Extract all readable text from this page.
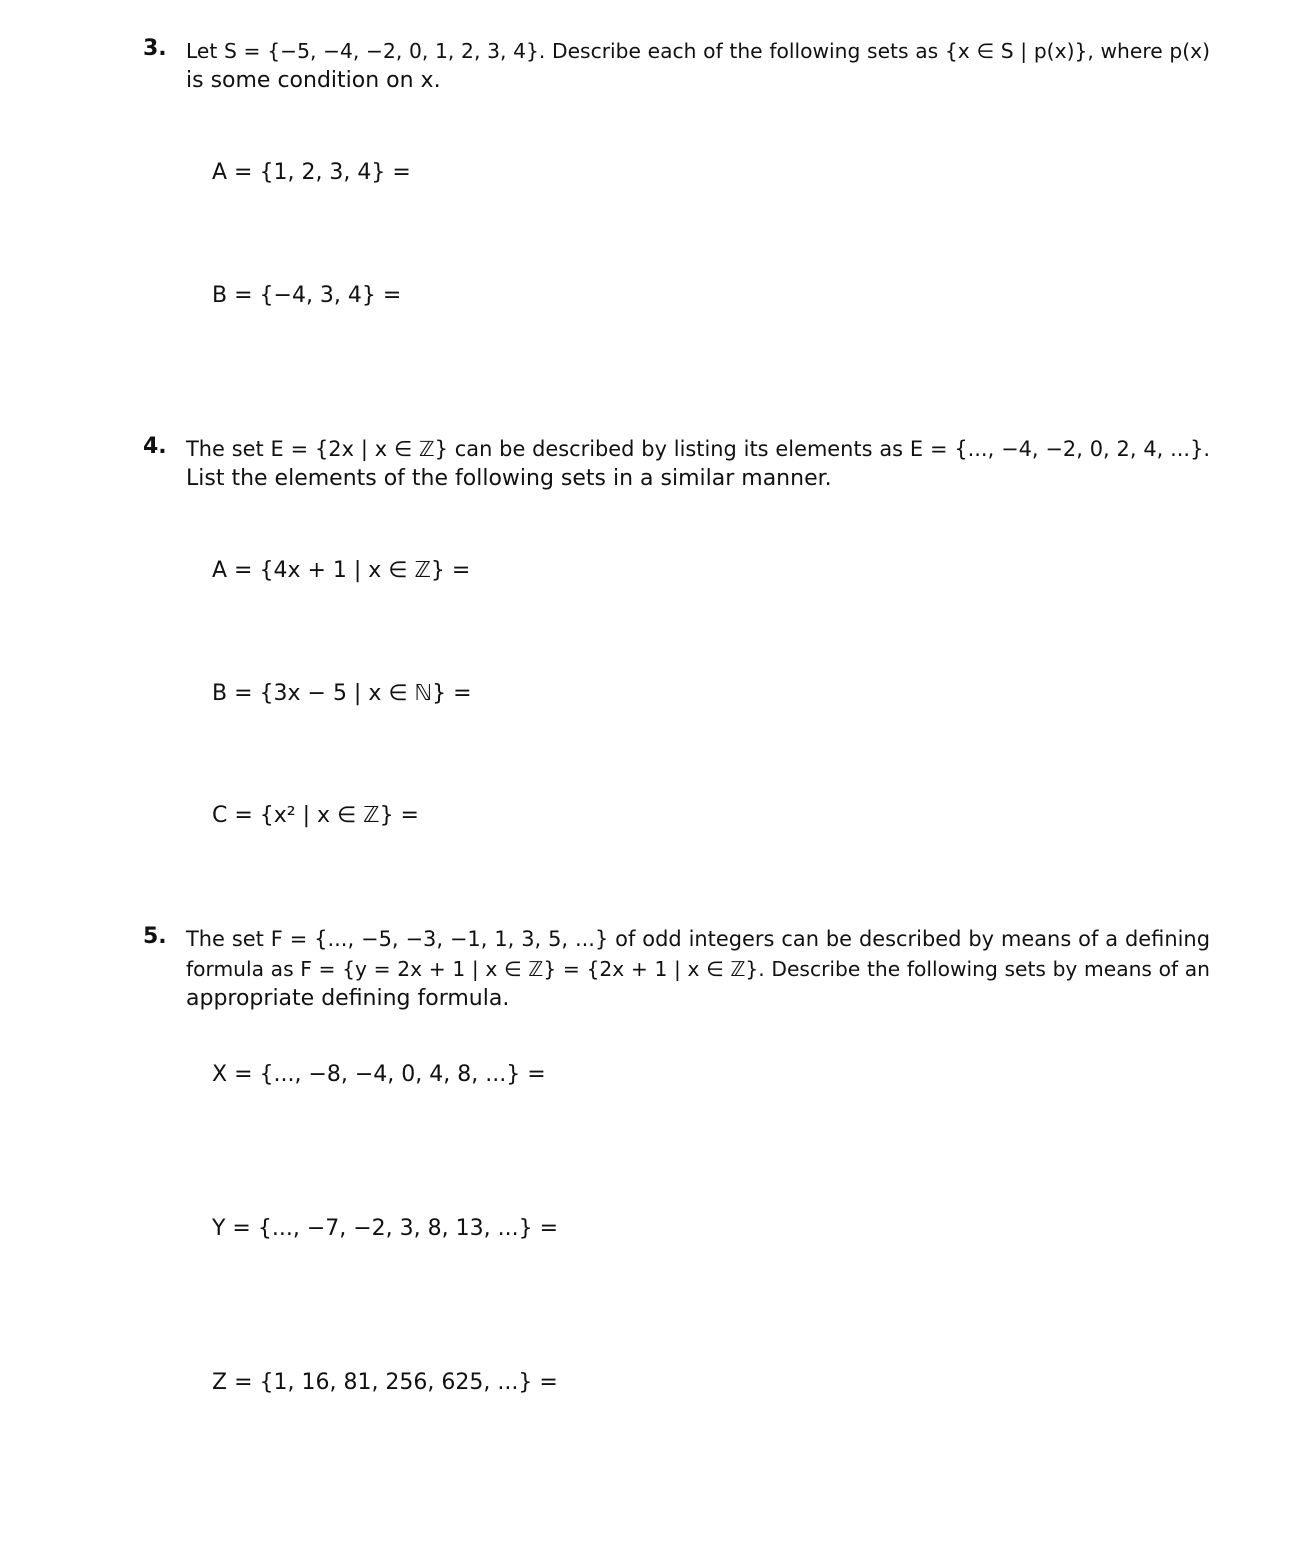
3. Let S = {−5, −4, −2, 0, 1, 2, 3, 4}. Describe each of the following sets as {x ∈ S | p(x)}, where p(x)
is some condition on x.
A = {1, 2, 3, 4} =
B = {−4, 3, 4} =
4. The set E = {2x | x ∈ ℤ} can be described by listing its elements as E = {..., −4, −2, 0, 2, 4, ...}.
List the elements of the following sets in a similar manner.
A = {4x + 1 | x ∈ ℤ} =
B = {3x − 5 | x ∈ ℕ} =
C = {x² | x ∈ ℤ} =
5. The set F = {..., −5, −3, −1, 1, 3, 5, ...} of odd integers can be described by means of a defining
formula as F = {y = 2x + 1 | x ∈ ℤ} = {2x + 1 | x ∈ ℤ}. Describe the following sets by means of an
appropriate defining formula.
X = {..., −8, −4, 0, 4, 8, ...} =
Y = {..., −7, −2, 3, 8, 13, ...} =
Z = {1, 16, 81, 256, 625, ...} =
